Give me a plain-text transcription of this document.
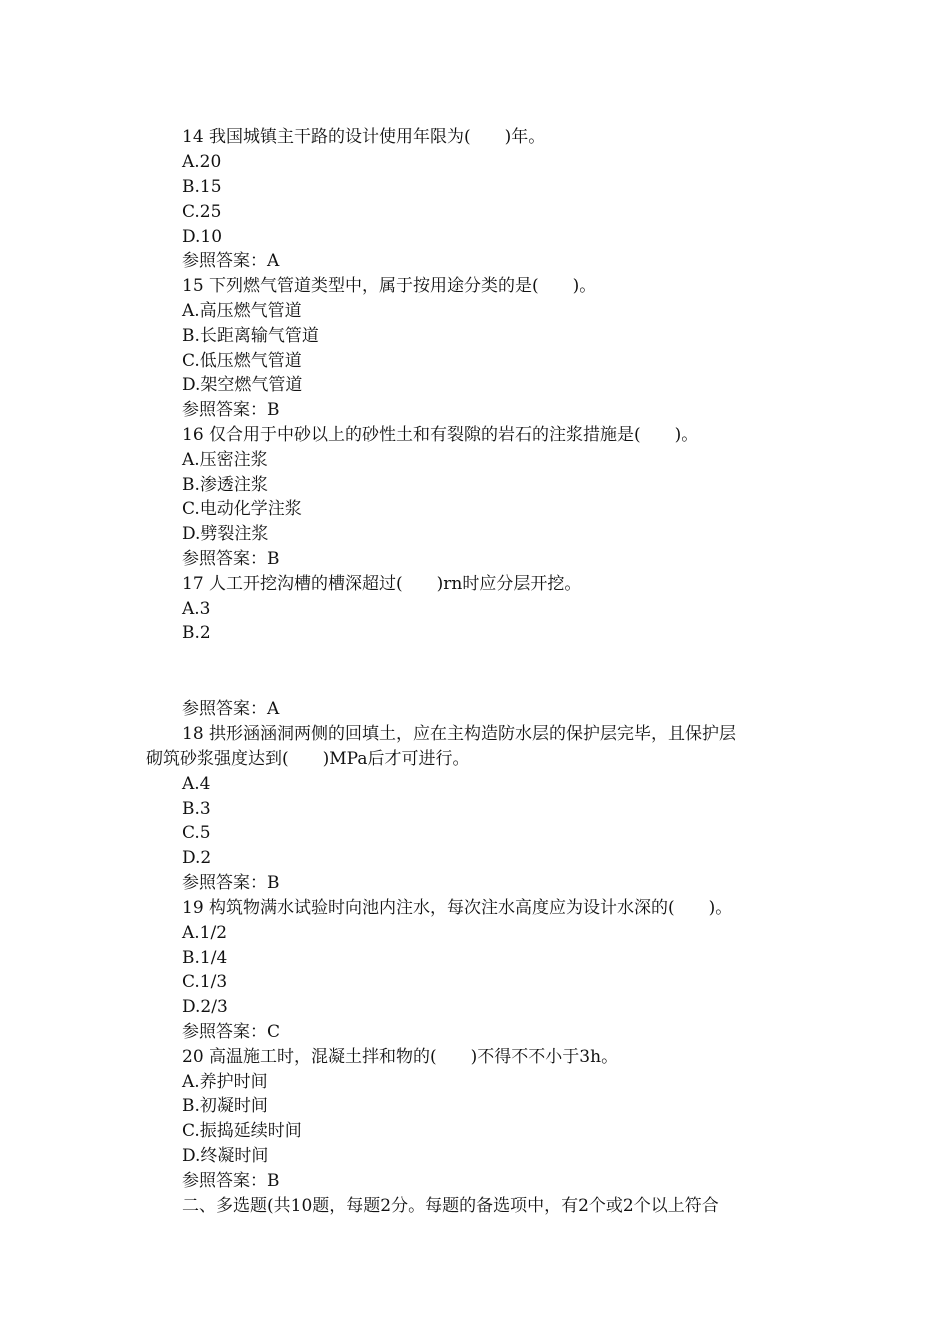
14 我国城镇主干路的设计使用年限为(　　)年。
A.20
B.15
C.25
D.10
参照答案：A
15 下列燃气管道类型中，属于按用途分类的是(　　)。
A.高压燃气管道
B.长距离输气管道
C.低压燃气管道
D.架空燃气管道
参照答案：B
16 仅合用于中砂以上的砂性土和有裂隙的岩石的注浆措施是(　　)。
A.压密注浆
B.渗透注浆
C.电动化学注浆
D.劈裂注浆
参照答案：B
17 人工开挖沟槽的槽深超过(　　)rn时应分层开挖。
A.3
B.2
参照答案：A
18 拱形涵涵洞两侧的回填土，应在主构造防水层的保护层完毕，且保护层
砌筑砂浆强度达到(　　)MPa后才可进行。
A.4
B.3
C.5
D.2
参照答案：B
19 构筑物满水试验时向池内注水，每次注水高度应为设计水深的(　　)。
A.1/2
B.1/4
C.1/3
D.2/3
参照答案：C
20 高温施工时，混凝土拌和物的(　　)不得不不小于3h。
A.养护时间
B.初凝时间
C.振捣延续时间
D.终凝时间
参照答案：B
二、多选题(共10题，每题2分。每题的备选项中，有2个或2个以上符合
